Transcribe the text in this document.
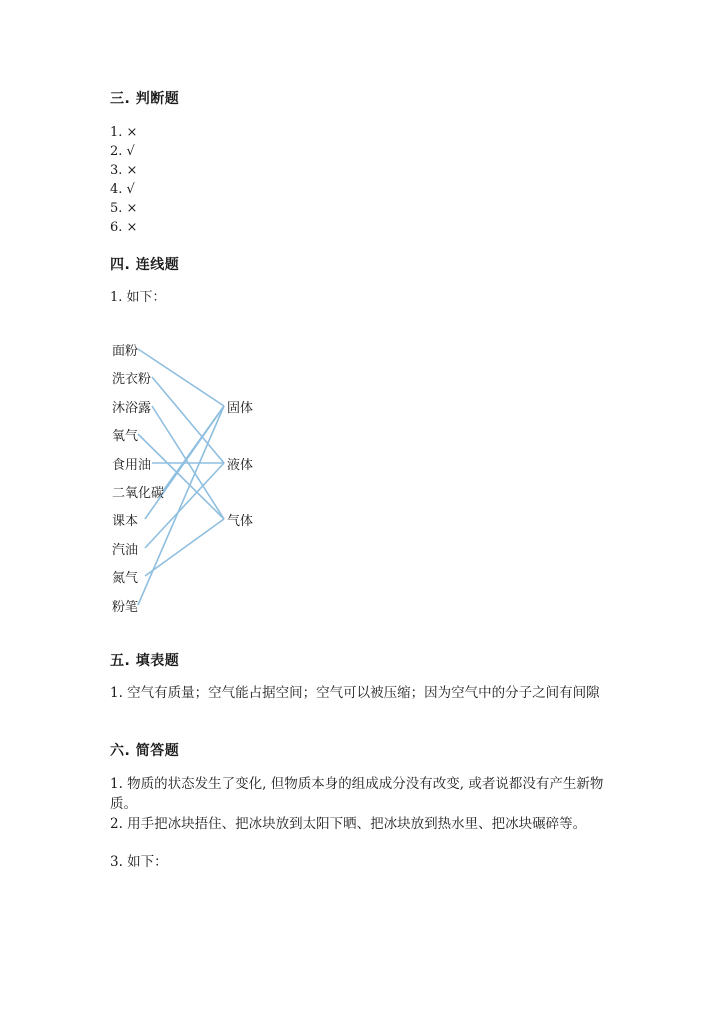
三. 判断题
1. ×
2. √
3. ×
4. √
5. ×
6. ×
四. 连线题
1. 如下：
面粉
洗衣粉
沐浴露
氧气
食用油
二氧化碳
课本
汽油
氮气
粉笔
固体
液体
气体
五. 填表题
1. 空气有质量；空气能占据空间；空气可以被压缩；因为空气中的分子之间有间隙
六. 简答题
1. 物质的状态发生了变化, 但物质本身的组成成分没有改变, 或者说都没有产生新物质。
2. 用手把冰块捂住、把冰块放到太阳下晒、把冰块放到热水里、把冰块碾碎等。
3. 如下：
